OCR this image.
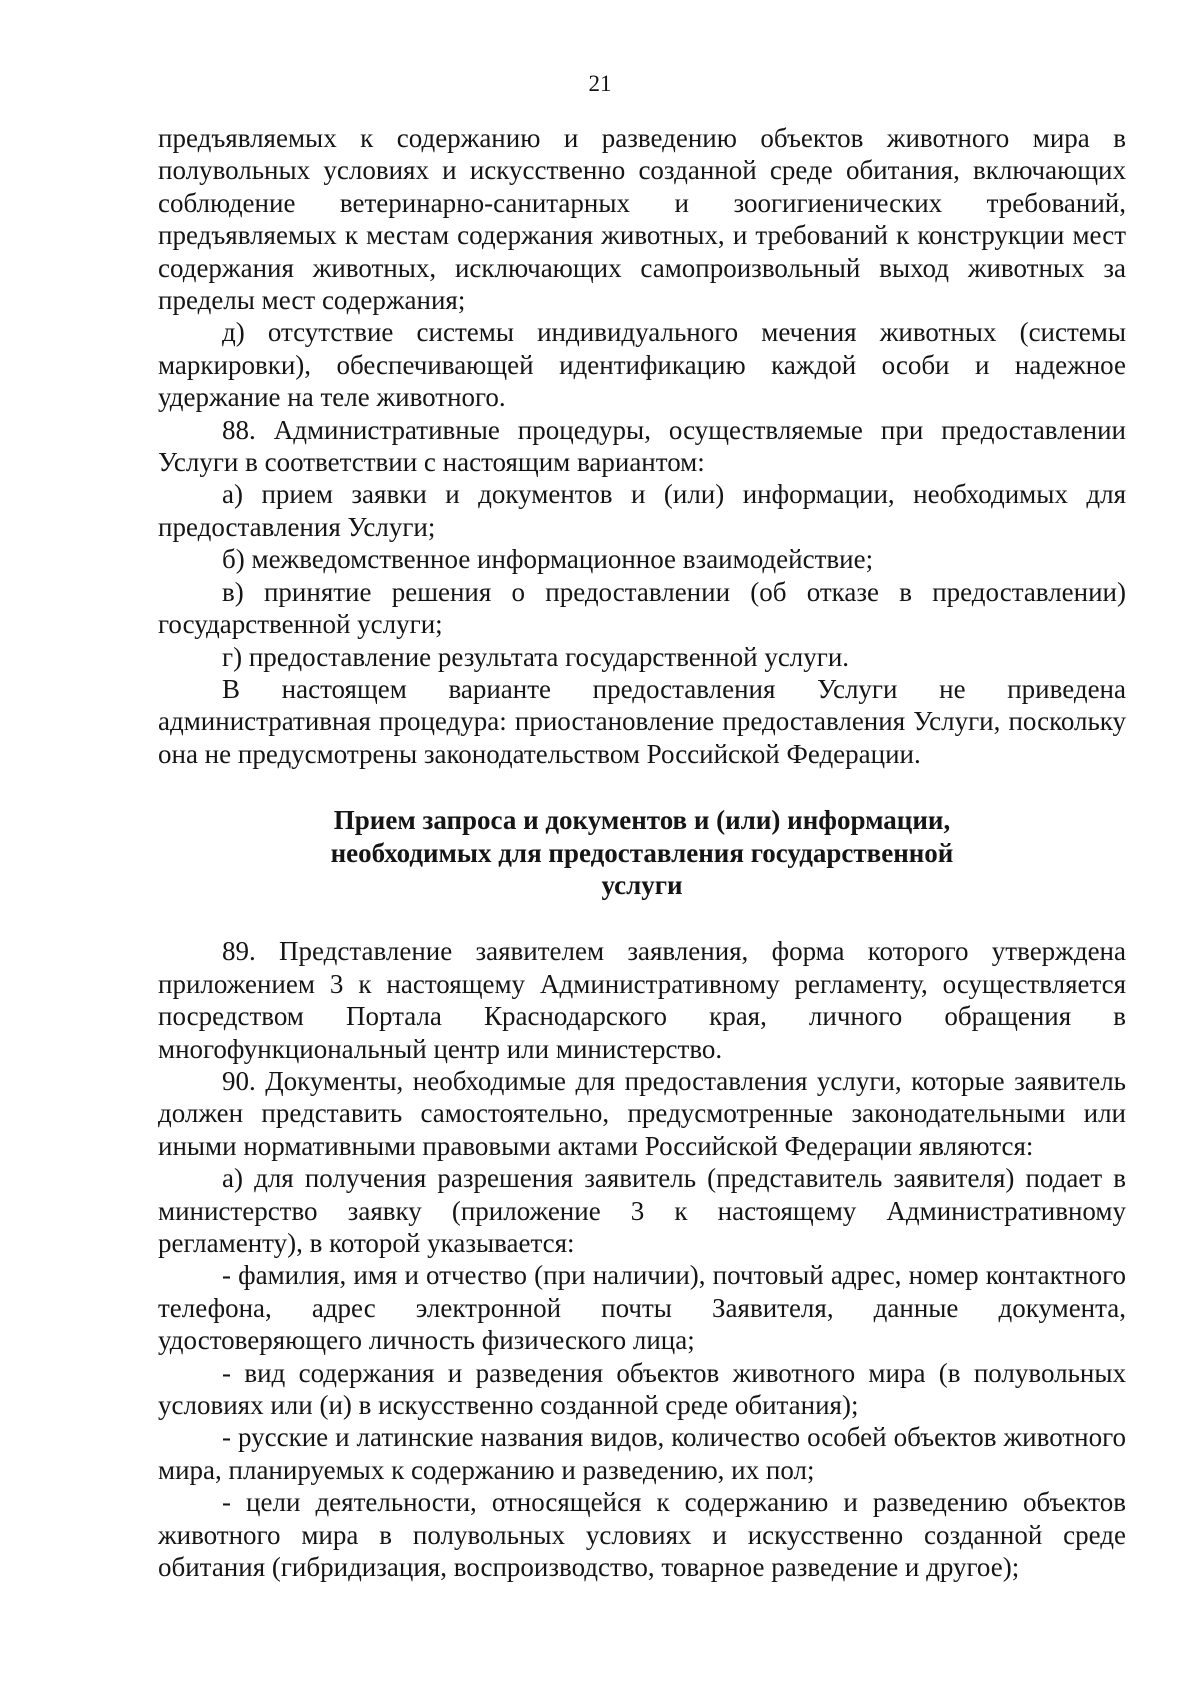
21

предъявляемых к содержанию и разведению объектов животного мира в полувольных условиях и искусственно созданной среде обитания, включающих соблюдение ветеринарно-санитарных и зоогигиенических требований, предъявляемых к местам содержания животных, и требований к конструкции мест содержания животных, исключающих самопроизвольный выход животных за пределы мест содержания;

д) отсутствие системы индивидуального мечения животных (системы маркировки), обеспечивающей идентификацию каждой особи и надежное удержание на теле животного.

88. Административные процедуры, осуществляемые при предоставлении Услуги в соответствии с настоящим вариантом:

а) прием заявки и документов и (или) информации, необходимых для предоставления Услуги;

б) межведомственное информационное взаимодействие;

в) принятие решения о предоставлении (об отказе в предоставлении) государственной услуги;

г) предоставление результата государственной услуги.

В настоящем варианте предоставления Услуги не приведена административная процедура: приостановление предоставления Услуги, поскольку она не предусмотрены законодательством Российской Федерации.

Прием запроса и документов и (или) информации,
необходимых для предоставления государственной
услуги

89. Представление заявителем заявления, форма которого утверждена приложением 3 к настоящему Административному регламенту, осуществляется посредством Портала Краснодарского края, личного обращения в многофункциональный центр или министерство.

90. Документы, необходимые для предоставления услуги, которые заявитель должен представить самостоятельно, предусмотренные законодательными или иными нормативными правовыми актами Российской Федерации являются:

а) для получения разрешения заявитель (представитель заявителя) подает в министерство заявку (приложение 3 к настоящему Административному регламенту), в которой указывается:

- фамилия, имя и отчество (при наличии), почтовый адрес, номер контактного телефона, адрес электронной почты Заявителя, данные документа, удостоверяющего личность физического лица;

- вид содержания и разведения объектов животного мира (в полувольных условиях или (и) в искусственно созданной среде обитания);

- русские и латинские названия видов, количество особей объектов животного мира, планируемых к содержанию и разведению, их пол;

- цели деятельности, относящейся к содержанию и разведению объектов животного мира в полувольных условиях и искусственно созданной среде обитания (гибридизация, воспроизводство, товарное разведение и другое);
